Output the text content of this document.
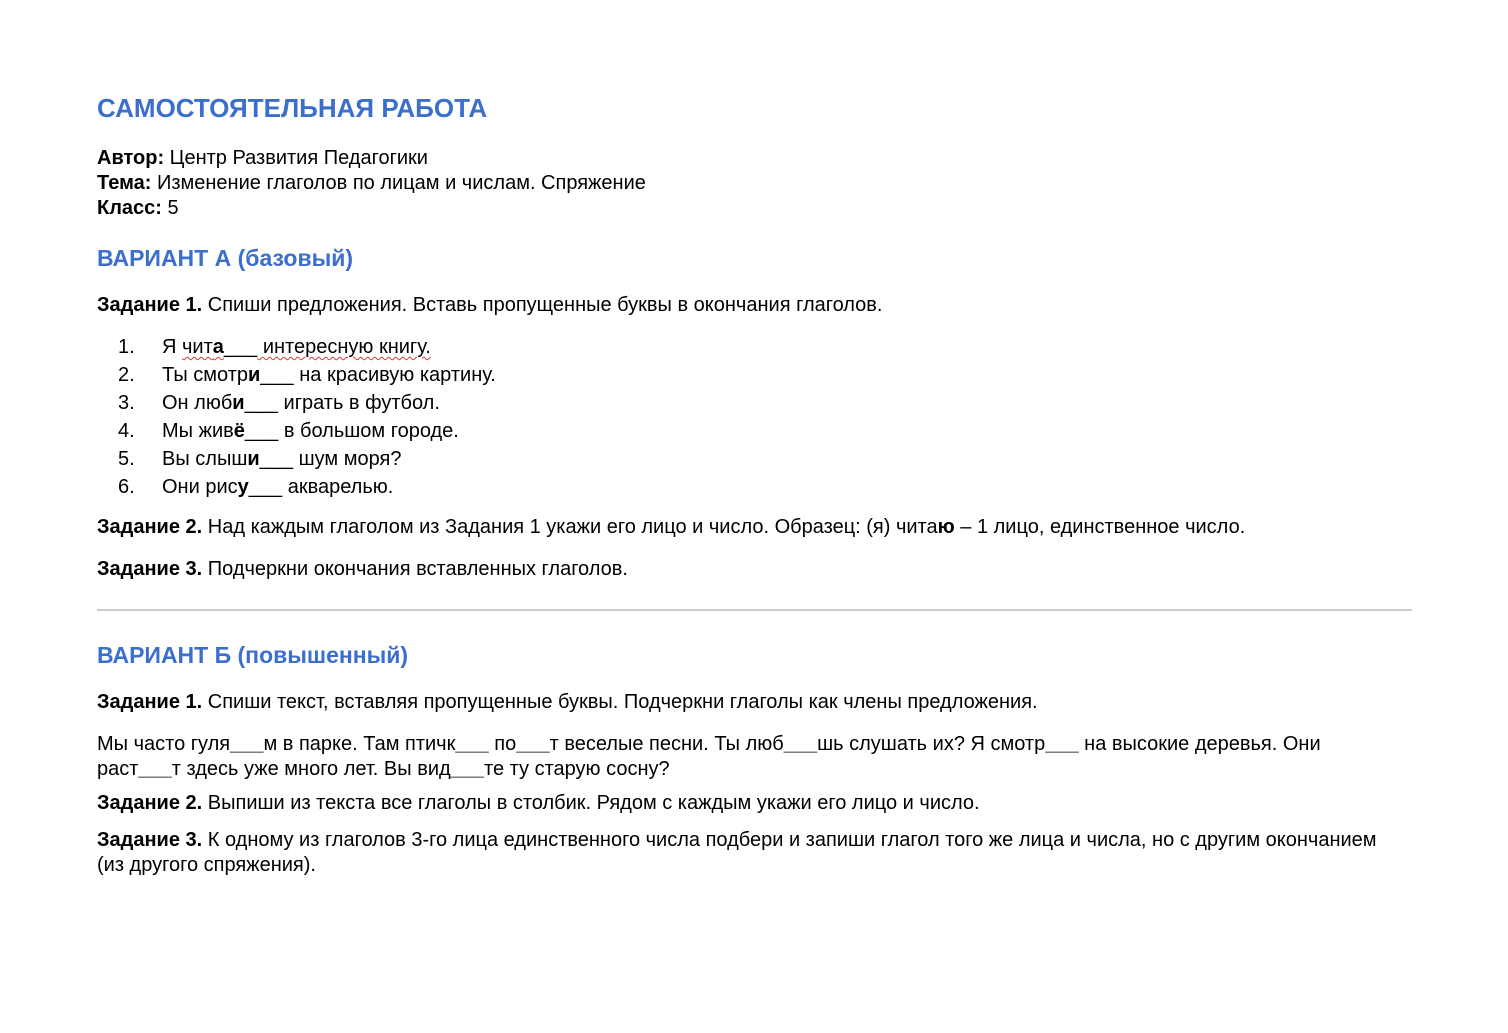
САМОСТОЯТЕЛЬНАЯ РАБОТА
Автор: Центр Развития Педагогики
Тема: Изменение глаголов по лицам и числам. Спряжение
Класс: 5
ВАРИАНТ А (базовый)
Задание 1. Спиши предложения. Вставь пропущенные буквы в окончания глаголов.
1. Я чита___ интересную книгу.
2. Ты смотри___ на красивую картину.
3. Он люби___ играть в футбол.
4. Мы живё___ в большом городе.
5. Вы слыши___ шум моря?
6. Они рису___ акварелью.
Задание 2. Над каждым глаголом из Задания 1 укажи его лицо и число. Образец: (я) читаю – 1 лицо, единственное число.
Задание 3. Подчеркни окончания вставленных глаголов.
ВАРИАНТ Б (повышенный)
Задание 1. Спиши текст, вставляя пропущенные буквы. Подчеркни глаголы как члены предложения.
Мы часто гуля___м в парке. Там птичк___ по___т веселые песни. Ты люб___шь слушать их? Я смотр___ на высокие деревья. Они раст___т здесь уже много лет. Вы вид___те ту старую сосну?
Задание 2. Выпиши из текста все глаголы в столбик. Рядом с каждым укажи его лицо и число.
Задание 3. К одному из глаголов 3-го лица единственного числа подбери и запиши глагол того же лица и числа, но с другим окончанием (из другого спряжения).
